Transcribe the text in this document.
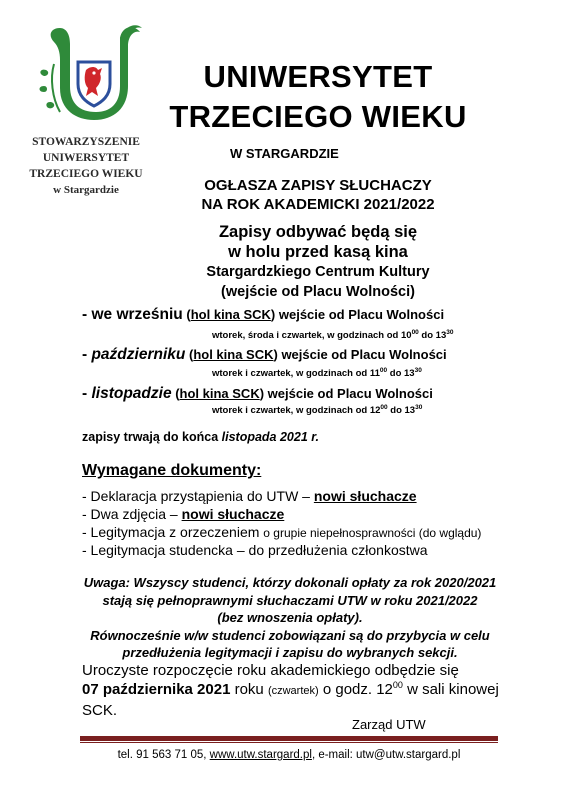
STOWARZYSZENIE
UNIWERSYTET
TRZECIEGO WIEKU
w Stargardzie
UNIWERSYTET
TRZECIEGO WIEKU
W STARGARDZIE
OGŁASZA ZAPISY SŁUCHACZY
NA ROK AKADEMICKI 2021/2022
Zapisy odbywać będą się
w holu przed kasą kina
Stargardzkiego Centrum Kultury
(wejście od Placu Wolności)
- we wrześniu (hol kina SCK) wejście od Placu Wolności
wtorek, środa i czwartek, w godzinach od $10^{00}$ do $13^{30}$
- październiku (hol kina SCK) wejście od Placu Wolności
wtorek i czwartek, w godzinach od $11^{00}$ do $13^{30}$
- listopadzie (hol kina SCK) wejście od Placu Wolności
wtorek i czwartek, w godzinach od $12^{00}$ do $13^{30}$
zapisy trwają do końca listopada 2021 r.
Wymagane dokumenty:
- Deklaracja przystąpienia do UTW – nowi słuchacze
- Dwa zdjęcia – nowi słuchacze
- Legitymacja z orzeczeniem o grupie niepełnosprawności (do wglądu)
- Legitymacja studencka – do przedłużenia członkostwa
Uwaga: Wszyscy studenci, którzy dokonali opłaty za rok 2020/2021
stają się pełnoprawnymi słuchaczami UTW w roku 2021/2022
(bez wnoszenia opłaty).
Równocześnie w/w studenci zobowiązani są do przybycia w celu
przedłużenia legitymacji i zapisu do wybranych sekcji.
Uroczyste rozpoczęcie roku akademickiego odbędzie się
07 października 2021 roku (czwartek) o godz. $12^{00}$ w sali kinowej
SCK.
Zarząd UTW
tel. 91 563 71 05, www.utw.stargard.pl, e-mail: utw@utw.stargard.pl
